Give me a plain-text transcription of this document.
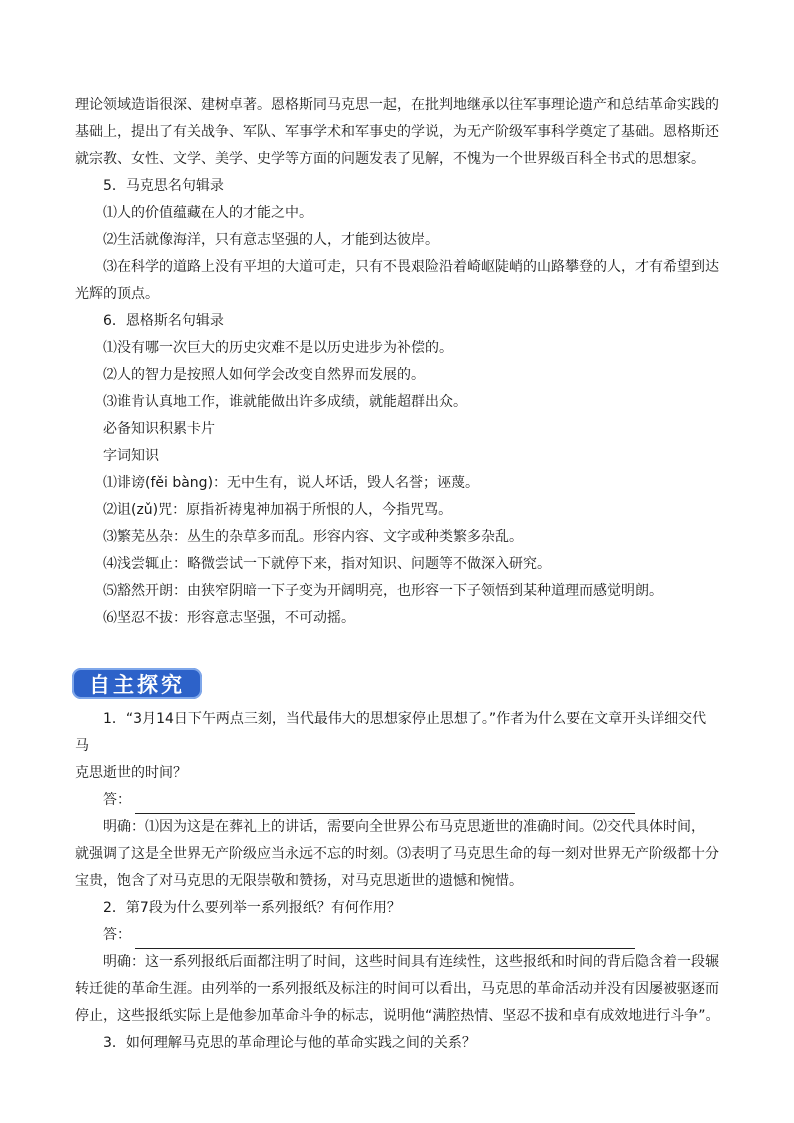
理论领域造诣很深、建树卓著。恩格斯同马克思一起，在批判地继承以往军事理论遗产和总结革命实践的

基础上，提出了有关战争、军队、军事学术和军事史的学说，为无产阶级军事科学奠定了基础。恩格斯还

就宗教、女性、文学、美学、史学等方面的问题发表了见解，不愧为一个世界级百科全书式的思想家。

5．马克思名句辑录

⑴人的价值蕴藏在人的才能之中。

⑵生活就像海洋，只有意志坚强的人，才能到达彼岸。

⑶在科学的道路上没有平坦的大道可走，只有不畏艰险沿着崎岖陡峭的山路攀登的人，才有希望到达

光辉的顶点。

6．恩格斯名句辑录

⑴没有哪一次巨大的历史灾难不是以历史进步为补偿的。

⑵人的智力是按照人如何学会改变自然界而发展的。

⑶谁肯认真地工作，谁就能做出许多成绩，就能超群出众。

必备知识积累卡片

字词知识

⑴诽谤(fěi bàng)：无中生有，说人坏话，毁人名誉；诬蔑。

⑵诅(zǔ)咒：原指祈祷鬼神加祸于所恨的人，今指咒骂。

⑶繁芜丛杂：丛生的杂草多而乱。形容内容、文字或种类繁多杂乱。

⑷浅尝辄止：略微尝试一下就停下来，指对知识、问题等不做深入研究。

⑸豁然开朗：由狭窄阴暗一下子变为开阔明亮，也形容一下子领悟到某种道理而感觉明朗。

⑹坚忍不拔：形容意志坚强，不可动摇。

自主探究

1．“3月14日下午两点三刻，当代最伟大的思想家停止思想了。”作者为什么要在文章开头详细交代马

克思逝世的时间？

答：

明确：⑴因为这是在葬礼上的讲话，需要向全世界公布马克思逝世的准确时间。⑵交代具体时间，

就强调了这是全世界无产阶级应当永远不忘的时刻。⑶表明了马克思生命的每一刻对世界无产阶级都十分

宝贵，饱含了对马克思的无限崇敬和赞扬，对马克思逝世的遗憾和惋惜。

2．第7段为什么要列举一系列报纸？有何作用？

答：

明确：这一系列报纸后面都注明了时间，这些时间具有连续性，这些报纸和时间的背后隐含着一段辗

转迁徙的革命生涯。由列举的一系列报纸及标注的时间可以看出，马克思的革命活动并没有因屡被驱逐而

停止，这些报纸实际上是他参加革命斗争的标志，说明他“满腔热情、坚忍不拔和卓有成效地进行斗争”。

3．如何理解马克思的革命理论与他的革命实践之间的关系？
